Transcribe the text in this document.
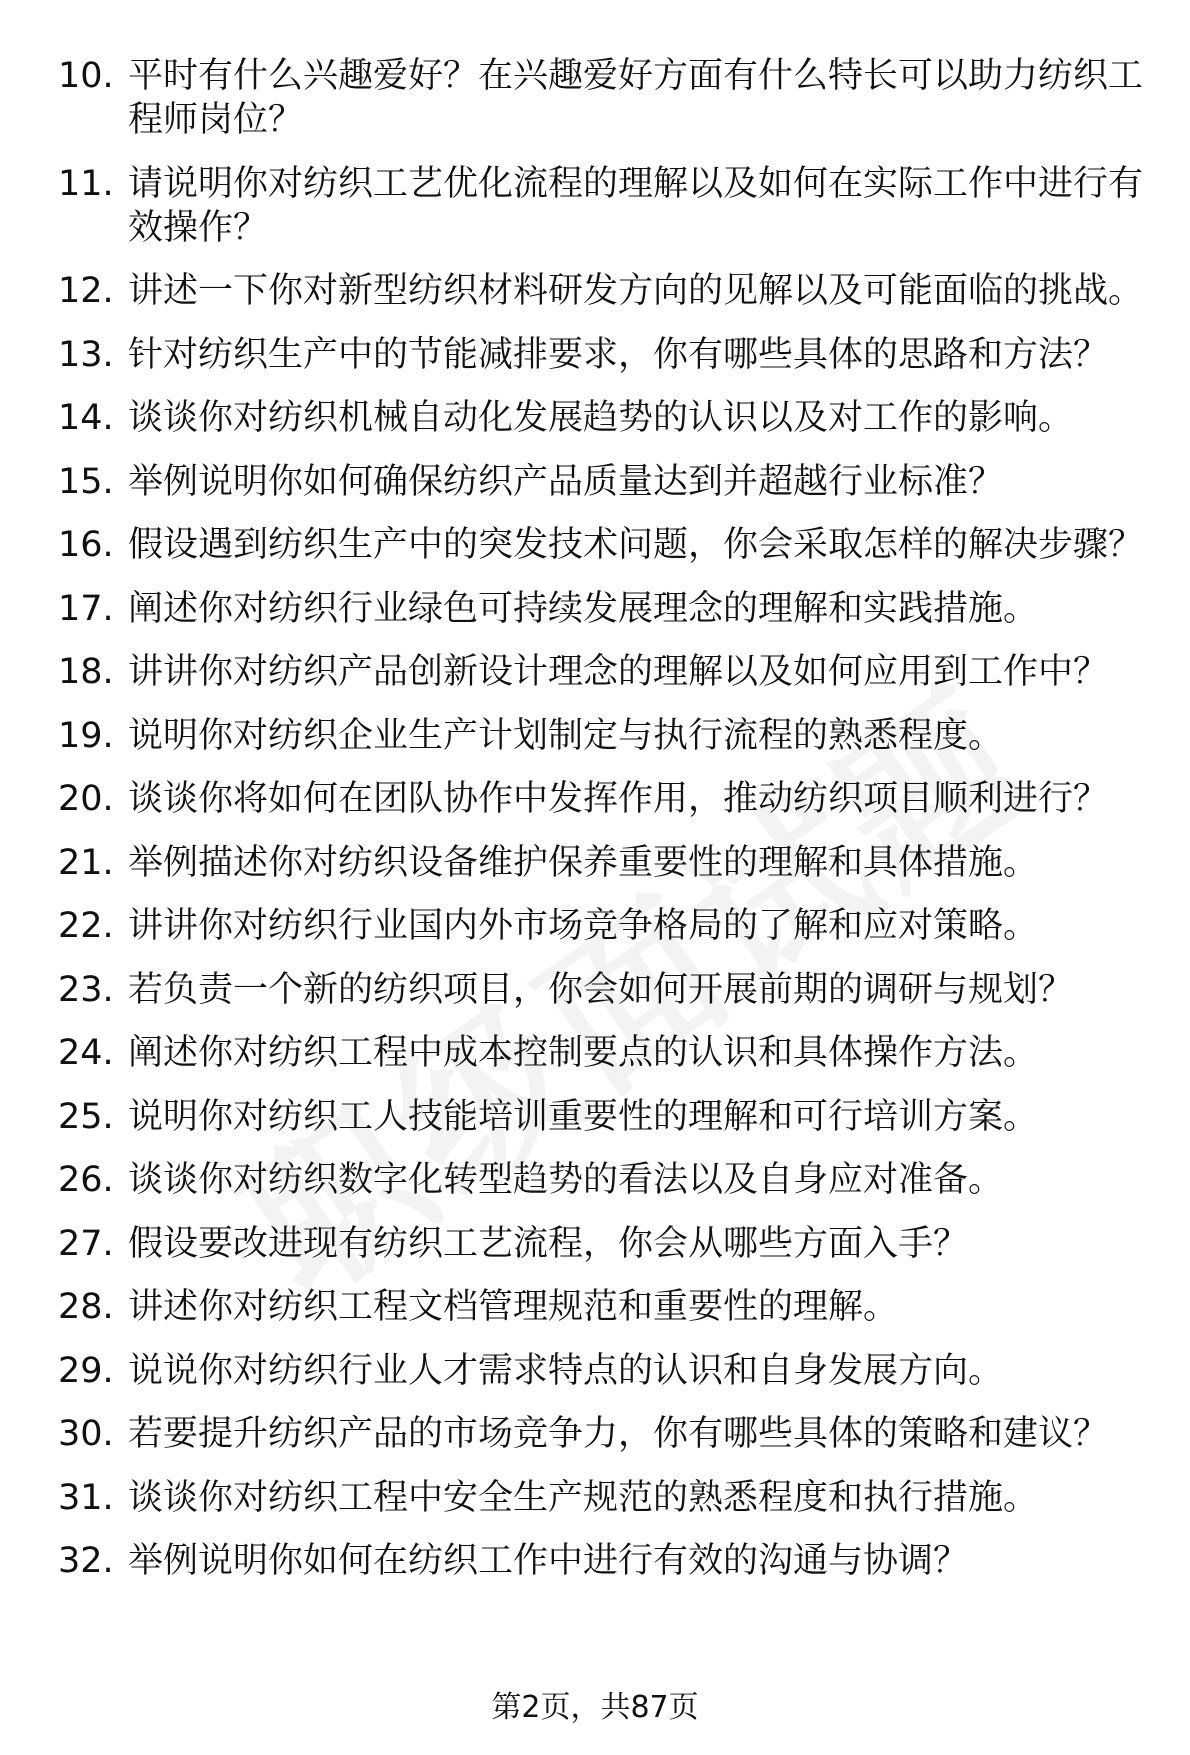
10. 平时有什么兴趣爱好？在兴趣爱好方面有什么特长可以助力纺织工程师岗位？
11. 请说明你对纺织工艺优化流程的理解以及如何在实际工作中进行有效操作？
12. 讲述一下你对新型纺织材料研发方向的见解以及可能面临的挑战。
13. 针对纺织生产中的节能减排要求，你有哪些具体的思路和方法？
14. 谈谈你对纺织机械自动化发展趋势的认识以及对工作的影响。
15. 举例说明你如何确保纺织产品质量达到并超越行业标准？
16. 假设遇到纺织生产中的突发技术问题，你会采取怎样的解决步骤？
17. 阐述你对纺织行业绿色可持续发展理念的理解和实践措施。
18. 讲讲你对纺织产品创新设计理念的理解以及如何应用到工作中？
19. 说明你对纺织企业生产计划制定与执行流程的熟悉程度。
20. 谈谈你将如何在团队协作中发挥作用，推动纺织项目顺利进行？
21. 举例描述你对纺织设备维护保养重要性的理解和具体措施。
22. 讲讲你对纺织行业国内外市场竞争格局的了解和应对策略。
23. 若负责一个新的纺织项目，你会如何开展前期的调研与规划？
24. 阐述你对纺织工程中成本控制要点的认识和具体操作方法。
25. 说明你对纺织工人技能培训重要性的理解和可行培训方案。
26. 谈谈你对纺织数字化转型趋势的看法以及自身应对准备。
27. 假设要改进现有纺织工艺流程，你会从哪些方面入手？
28. 讲述你对纺织工程文档管理规范和重要性的理解。
29. 说说你对纺织行业人才需求特点的认识和自身发展方向。
30. 若要提升纺织产品的市场竞争力，你有哪些具体的策略和建议？
31. 谈谈你对纺织工程中安全生产规范的熟悉程度和执行措施。
32. 举例说明你如何在纺织工作中进行有效的沟通与协调？
第2页，共87页
